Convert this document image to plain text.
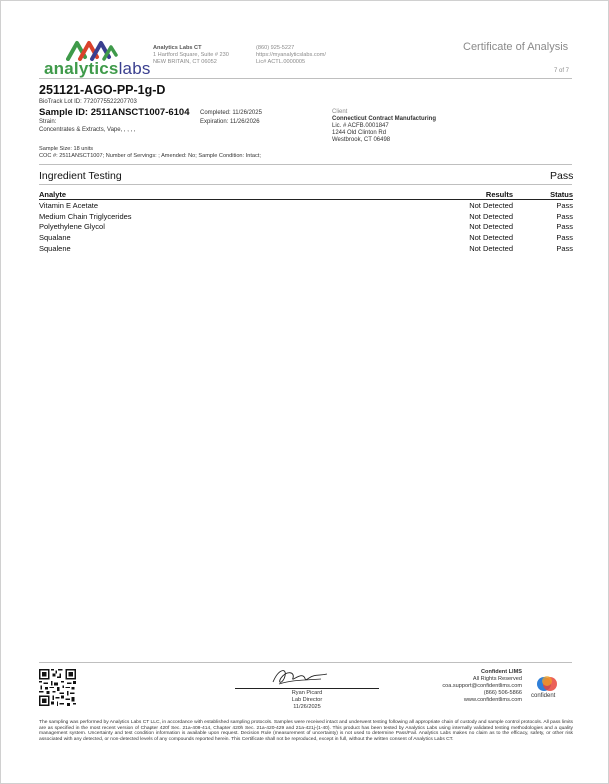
analyticslabs
Analytics Labs CT
1 Hartford Square, Suite # 230
NEW BRITAIN, CT 06052
(860) 925-5227
https://myanalyticslabs.com/
Lic# ACTL.0000005
Certificate of Analysis
7 of 7
251121-AGO-PP-1g-D
BioTrack Lot ID: 7720775522207703
Sample ID: 2511ANSCT1007-6104 Completed: 11/26/2025
Expiration: 11/26/2026
Strain:
Concentrates & Extracts, Vape, , , , ,
Client
Connecticut Contract Manufacturing
Lic. # ACFB.0001847
1244 Old Clinton Rd
Westbrook, CT 06498
Sample Size: 18 units
COC #: 2511ANSCT1007; Number of Servings: ; Amended: No; Sample Condition: Intact;
Ingredient Testing	Pass
Analyte	Results	Status
Vitamin E Acetate	Not Detected	Pass
Medium Chain Triglycerides	Not Detected	Pass
Polyethylene Glycol	Not Detected	Pass
Squalane	Not Detected	Pass
Squalene	Not Detected	Pass
Ryan Picard
Lab Director
11/26/2025
Confident LIMS
All Rights Reserved
coa.support@confidentlims.com
(866) 506-5866
www.confidentlims.com
confident
The sampling was performed by Analytics Labs CT LLC, in accordance with established sampling protocols. Samples were received intact and underwent testing following all appropriate chain of custody and sample control protocols. All pass limits are as specified in the most recent version of Chapter 420f Sec. 21a-408-414, Chapter 420h Sec. 21a-420-429 and 21a-421j-(1-40). This product has been tested by Analytics Labs using internally validated testing methodologies and a quality management system. Uncertainty and test condition information is available upon request. Decision Rule (measurement of uncertainty) is not used to determine Pass/Fail. Analytics Labs makes no claim as to the efficacy, safety, or other risk associated with any detected, or non-detected levels of any compounds reported herein. This Certificate shall not be reproduced, except in full, without the written consent of Analytics Labs CT.
